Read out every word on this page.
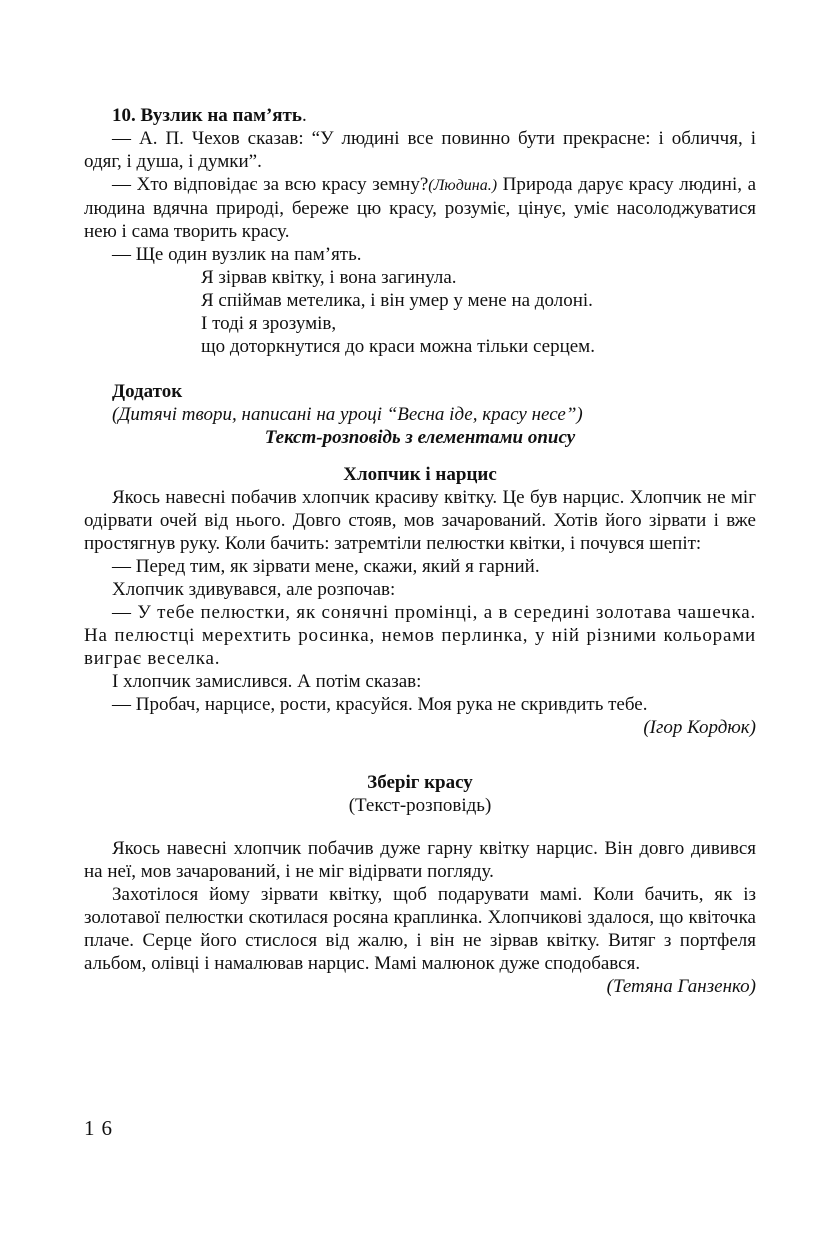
10. Вузлик на пам’ять.

— А. П. Чехов сказав: “У людині все повинно бути прекрасне: і обличчя, і одяг, і душа, і думки”.

— Хто відповідає за всю красу земну?(Людина.) Природа дарує красу людині, а людина вдячна природі, береже цю красу, розуміє, цінує, уміє насолоджуватися нею і сама творить красу.

— Ще один вузлик на пам’ять.

Я зірвав квітку, і вона загинула.

Я спіймав метелика, і він умер у мене на долоні.

І тоді я зрозумів,

що доторкнутися до краси можна тільки серцем.

Додаток

(Дитячі твори, написані на уроці “Весна іде, красу несе”)

Текст-розповідь з елементами опису

Хлопчик і нарцис

Якось навесні побачив хлопчик красиву квітку. Це був нарцис. Хлопчик не міг одірвати очей від нього. Довго стояв, мов зачарований. Хотів його зірвати і вже простягнув руку. Коли бачить: затремтіли пелюстки квітки, і почувся шепіт:

— Перед тим, як зірвати мене, скажи, який я гарний.

Хлопчик здивувався, але розпочав:

— У тебе пелюстки, як сонячні промінці, а в середині золотава чашечка. На пелюстці мерехтить росинка, немов перлинка, у ній різними кольорами виграє веселка.

І хлопчик замислився. А потім сказав:

— Пробач, нарцисе, рости, красуйся. Моя рука не скривдить тебе.

(Ігор Кордюк)

Зберіг красу

(Текст-розповідь)

Якось навесні хлопчик побачив дуже гарну квітку нарцис. Він довго дивився на неї, мов зачарований, і не міг відірвати погляду.

Захотілося йому зірвати квітку, щоб подарувати мамі. Коли бачить, як із золотавої пелюстки скотилася росяна краплинка. Хлопчикові здалося, що квіточка плаче. Серце його стислося від жалю, і він не зірвав квітку. Витяг з портфеля альбом, олівці і намалював нарцис. Мамі малюнок дуже сподобався.

(Тетяна Ганзенко)

16
